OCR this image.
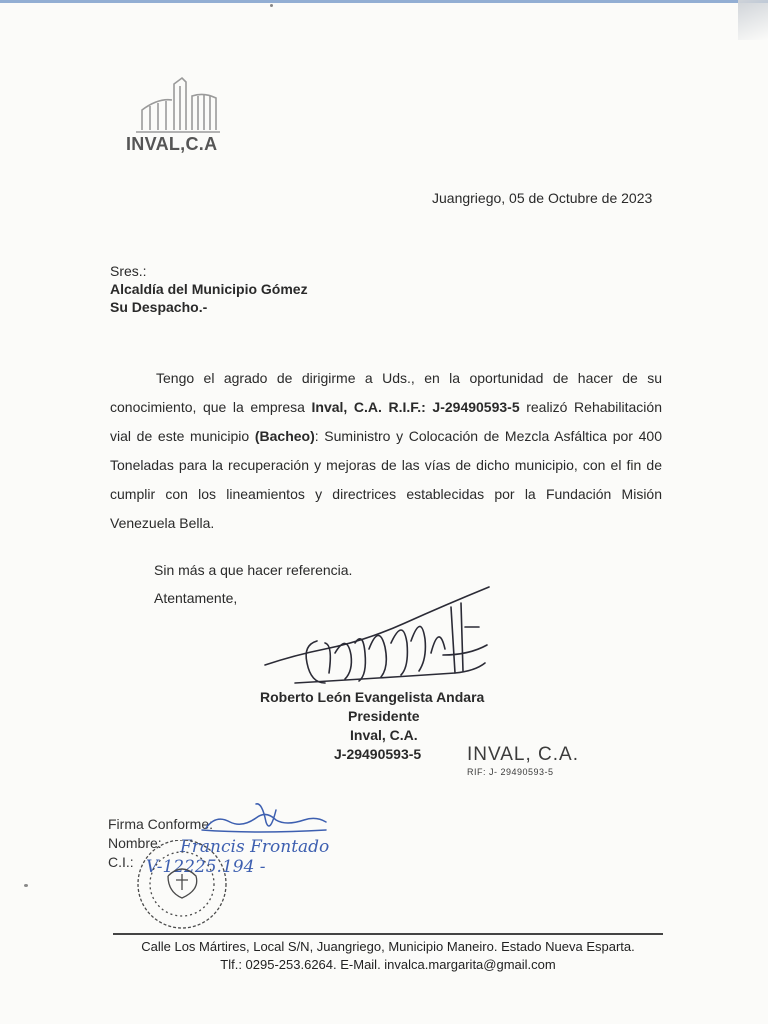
INVAL,C.A
Juangriego, 05 de Octubre de 2023
Sres.:
Alcaldía del Municipio Gómez
Su Despacho.-
Tengo el agrado de dirigirme a Uds., en la oportunidad de hacer de su conocimiento, que la empresa Inval, C.A. R.I.F.: J-29490593-5 realizó Rehabilitación vial de este municipio (Bacheo): Suministro y Colocación de Mezcla Asfáltica por 400 Toneladas para la recuperación y mejoras de las vías de dicho municipio, con el fin de cumplir con los lineamientos y directrices establecidas por la Fundación Misión Venezuela Bella.
Sin más a que hacer referencia.
Atentamente,
Roberto León Evangelista Andara
Presidente
Inval, C.A.
J-29490593-5	INVAL, C.A.
RIF: J- 29490593-5
Firma Conforme:
Nombre:
C.I.:
Francis Frontado
V-12225.194 -
Calle Los Mártires, Local S/N, Juangriego, Municipio Maneiro. Estado Nueva Esparta.
Tlf.: 0295-253.6264. E-Mail. invalca.margarita@gmail.com
